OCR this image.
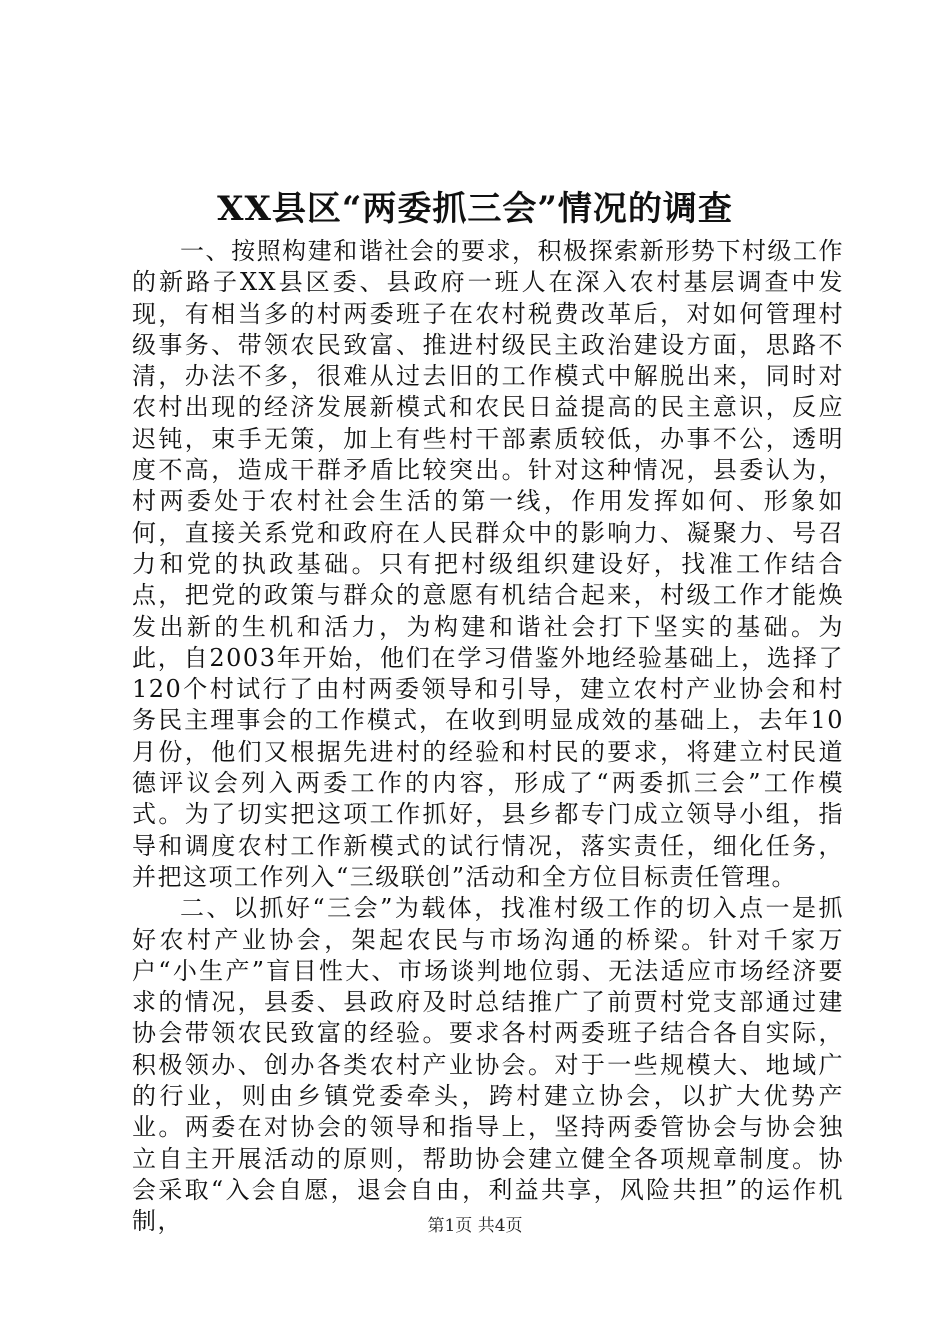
XX县区“两委抓三会”情况的调查

一、按照构建和谐社会的要求，积极探索新形势下村级工作的新路子XX县区委、县政府一班人在深入农村基层调查中发现，有相当多的村两委班子在农村税费改革后，对如何管理村级事务、带领农民致富、推进村级民主政治建设方面，思路不清，办法不多，很难从过去旧的工作模式中解脱出来，同时对农村出现的经济发展新模式和农民日益提高的民主意识，反应迟钝，束手无策，加上有些村干部素质较低，办事不公，透明度不高，造成干群矛盾比较突出。针对这种情况，县委认为，村两委处于农村社会生活的第一线，作用发挥如何、形象如何，直接关系党和政府在人民群众中的影响力、凝聚力、号召力和党的执政基础。只有把村级组织建设好，找准工作结合点，把党的政策与群众的意愿有机结合起来，村级工作才能焕发出新的生机和活力，为构建和谐社会打下坚实的基础。为此，自2003年开始，他们在学习借鉴外地经验基础上，选择了120个村试行了由村两委领导和引导，建立农村产业协会和村务民主理事会的工作模式，在收到明显成效的基础上，去年10月份，他们又根据先进村的经验和村民的要求，将建立村民道德评议会列入两委工作的内容，形成了“两委抓三会”工作模式。为了切实把这项工作抓好，县乡都专门成立领导小组，指导和调度农村工作新模式的试行情况，落实责任，细化任务，并把这项工作列入“三级联创”活动和全方位目标责任管理。

二、以抓好“三会”为载体，找准村级工作的切入点一是抓好农村产业协会，架起农民与市场沟通的桥梁。针对千家万户“小生产”盲目性大、市场谈判地位弱、无法适应市场经济要求的情况，县委、县政府及时总结推广了前贾村党支部通过建协会带领农民致富的经验。要求各村两委班子结合各自实际，积极领办、创办各类农村产业协会。对于一些规模大、地域广的行业，则由乡镇党委牵头，跨村建立协会，以扩大优势产业。两委在对协会的领导和指导上，坚持两委管协会与协会独立自主开展活动的原则，帮助协会建立健全各项规章制度。协会采取“入会自愿，退会自由，利益共享，风险共担”的运作机制，	第1页 共4页
